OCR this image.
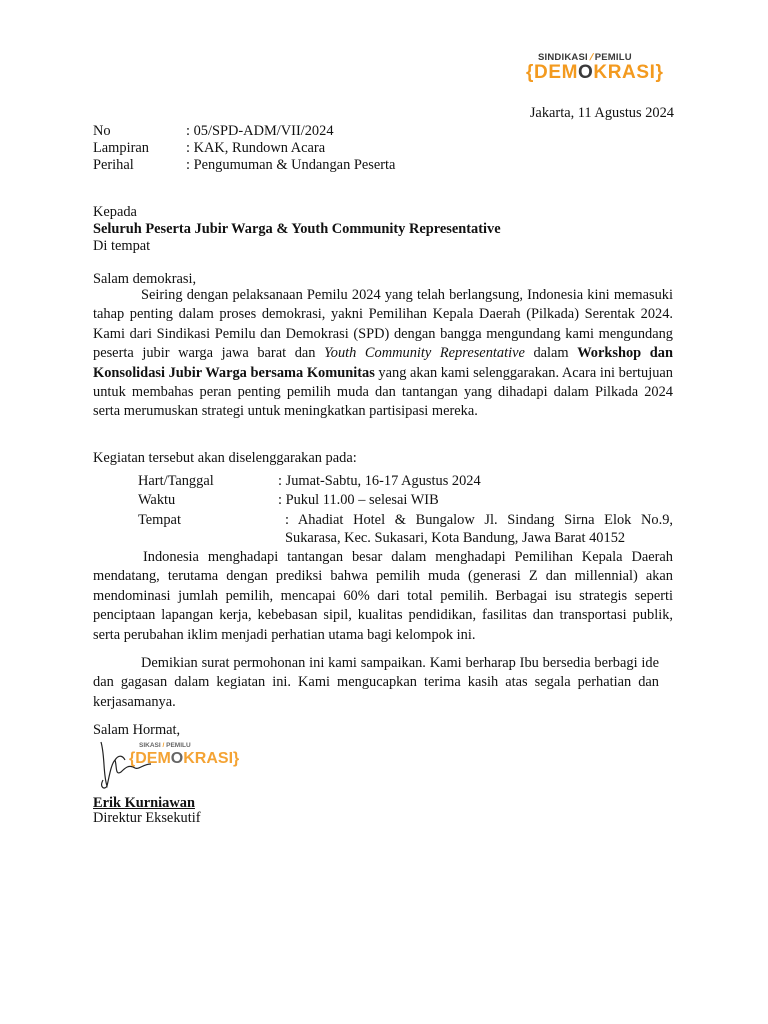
SINDIKASI/PEMILU
{DEMOKRASI}
Jakarta, 11 Agustus 2024
No	: 05/SPD-ADM/VII/2024
Lampiran	: KAK, Rundown Acara
Perihal	: Pengumuman & Undangan Peserta
Kepada
Seluruh Peserta Jubir Warga & Youth Community Representative
Di tempat
Salam demokrasi,
Seiring dengan pelaksanaan Pemilu 2024 yang telah berlangsung, Indonesia kini memasuki tahap penting dalam proses demokrasi, yakni Pemilihan Kepala Daerah (Pilkada) Serentak 2024. Kami dari Sindikasi Pemilu dan Demokrasi (SPD) dengan bangga mengundang kami mengundang peserta jubir warga jawa barat dan Youth Community Representative dalam Workshop dan Konsolidasi Jubir Warga bersama Komunitas yang akan kami selenggarakan. Acara ini bertujuan untuk membahas peran penting pemilih muda dan tantangan yang dihadapi dalam Pilkada 2024 serta merumuskan strategi untuk meningkatkan partisipasi mereka.
Kegiatan tersebut akan diselenggarakan pada:
Hart/Tanggal	: Jumat-Sabtu, 16-17 Agustus 2024
Waktu	: Pukul 11.00 – selesai WIB
Tempat	: Ahadiat Hotel & Bungalow Jl. Sindang Sirna Elok No.9,
Sukarasa, Kec. Sukasari, Kota Bandung, Jawa Barat 40152
Indonesia menghadapi tantangan besar dalam menghadapi Pemilihan Kepala Daerah mendatang, terutama dengan prediksi bahwa pemilih muda (generasi Z dan millennial) akan mendominasi jumlah pemilih, mencapai 60% dari total pemilih. Berbagai isu strategis seperti penciptaan lapangan kerja, kebebasan sipil, kualitas pendidikan, fasilitas dan transportasi publik, serta perubahan iklim menjadi perhatian utama bagi kelompok ini.
Demikian surat permohonan ini kami sampaikan. Kami berharap Ibu bersedia berbagi ide dan gagasan dalam kegiatan ini. Kami mengucapkan terima kasih atas segala perhatian dan kerjasamanya.
Salam Hormat,
SIKASI / PEMILU
{DEMOKRASI}
Erik Kurniawan
Direktur Eksekutif
